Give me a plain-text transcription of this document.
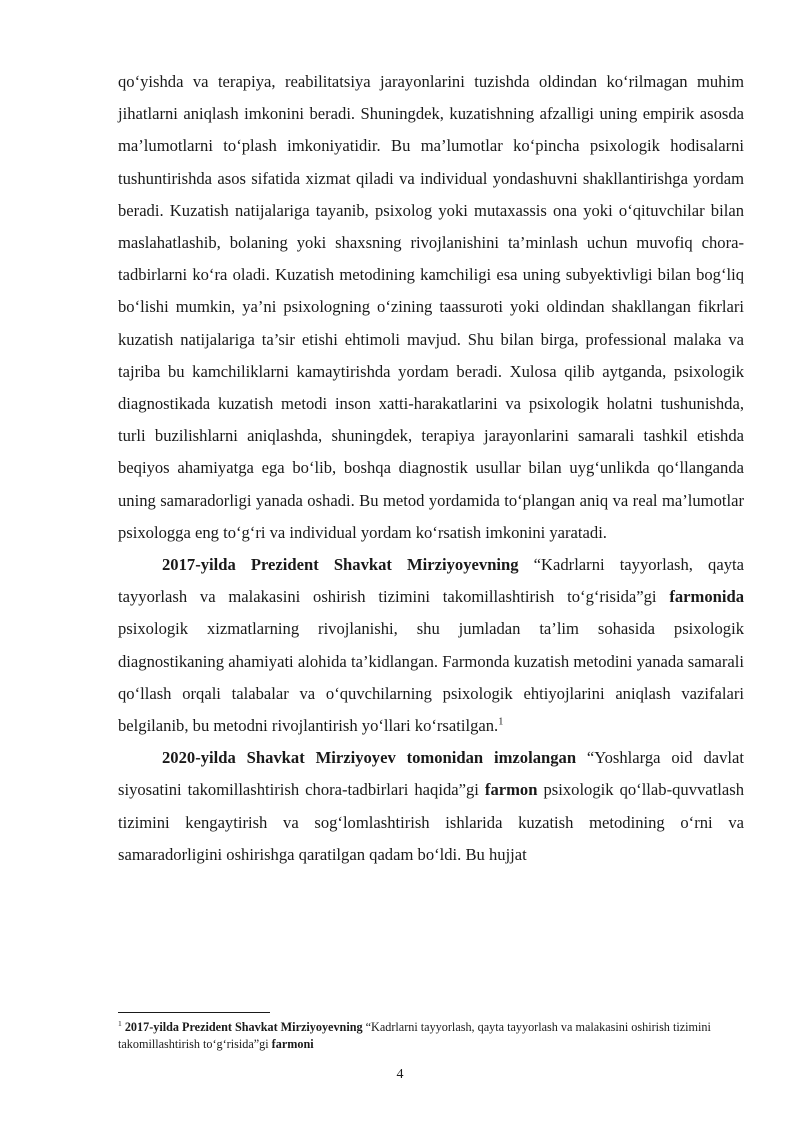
qo‘yishda va terapiya, reabilitatsiya jarayonlarini tuzishda oldindan ko‘rilmagan muhim jihatlarni aniqlash imkonini beradi. Shuningdek, kuzatishning afzalligi uning empirik asosda ma’lumotlarni to‘plash imkoniyatidir. Bu ma’lumotlar ko‘pincha psixologik hodisalarni tushuntirishda asos sifatida xizmat qiladi va individual yondashuvni shakllantirishga yordam beradi. Kuzatish natijalariga tayanib, psixolog yoki mutaxassis ona yoki o‘qituvchilar bilan maslahatlashib, bolaning yoki shaxsning rivojlanishini ta’minlash uchun muvofiq chora-tadbirlarni ko‘ra oladi. Kuzatish metodining kamchiligi esa uning subyektivligi bilan bog‘liq bo‘lishi mumkin, ya’ni psixologning o‘zining taassuroti yoki oldindan shakllangan fikrlari kuzatish natijalariga ta’sir etishi ehtimoli mavjud. Shu bilan birga, professional malaka va tajriba bu kamchiliklarni kamaytirishda yordam beradi. Xulosa qilib aytganda, psixologik diagnostikada kuzatish metodi inson xatti-harakatlarini va psixologik holatni tushunishda, turli buzilishlarni aniqlashda, shuningdek, terapiya jarayonlarini samarali tashkil etishda beqiyos ahamiyatga ega bo‘lib, boshqa diagnostik usullar bilan uyg‘unlikda qo‘llanganda uning samaradorligi yanada oshadi. Bu metod yordamida to‘plangan aniq va real ma’lumotlar psixologga eng to‘g‘ri va individual yordam ko‘rsatish imkonini yaratadi.

2017-yilda Prezident Shavkat Mirziyoyevning “Kadrlarni tayyorlash, qayta tayyorlash va malakasini oshirish tizimini takomillashtirish to‘g‘risida”gi farmonida psixologik xizmatlarning rivojlanishi, shu jumladan ta’lim sohasida psixologik diagnostikaning ahamiyati alohida ta’kidlangan. Farmonda kuzatish metodini yanada samarali qo‘llash orqali talabalar va o‘quvchilarning psixologik ehtiyojlarini aniqlash vazifalari belgilanib, bu metodni rivojlantirish yo‘llari ko‘rsatilgan.$^1$

2020-yilda Shavkat Mirziyoyev tomonidan imzolangan “Yoshlarga oid davlat siyosatini takomillashtirish chora-tadbirlari haqida”gi farmon psixologik qo‘llab-quvvatlash tizimini kengaytirish va sog‘lomlashtirish ishlarida kuzatish metodining o‘rni va samaradorligini oshirishga qaratilgan qadam bo‘ldi. Bu hujjat

$^1$ 2017-yilda Prezident Shavkat Mirziyoyevning “Kadrlarni tayyorlash, qayta tayyorlash va malakasini oshirish tizimini takomillashtirish to‘g‘risida”gi farmoni
4
